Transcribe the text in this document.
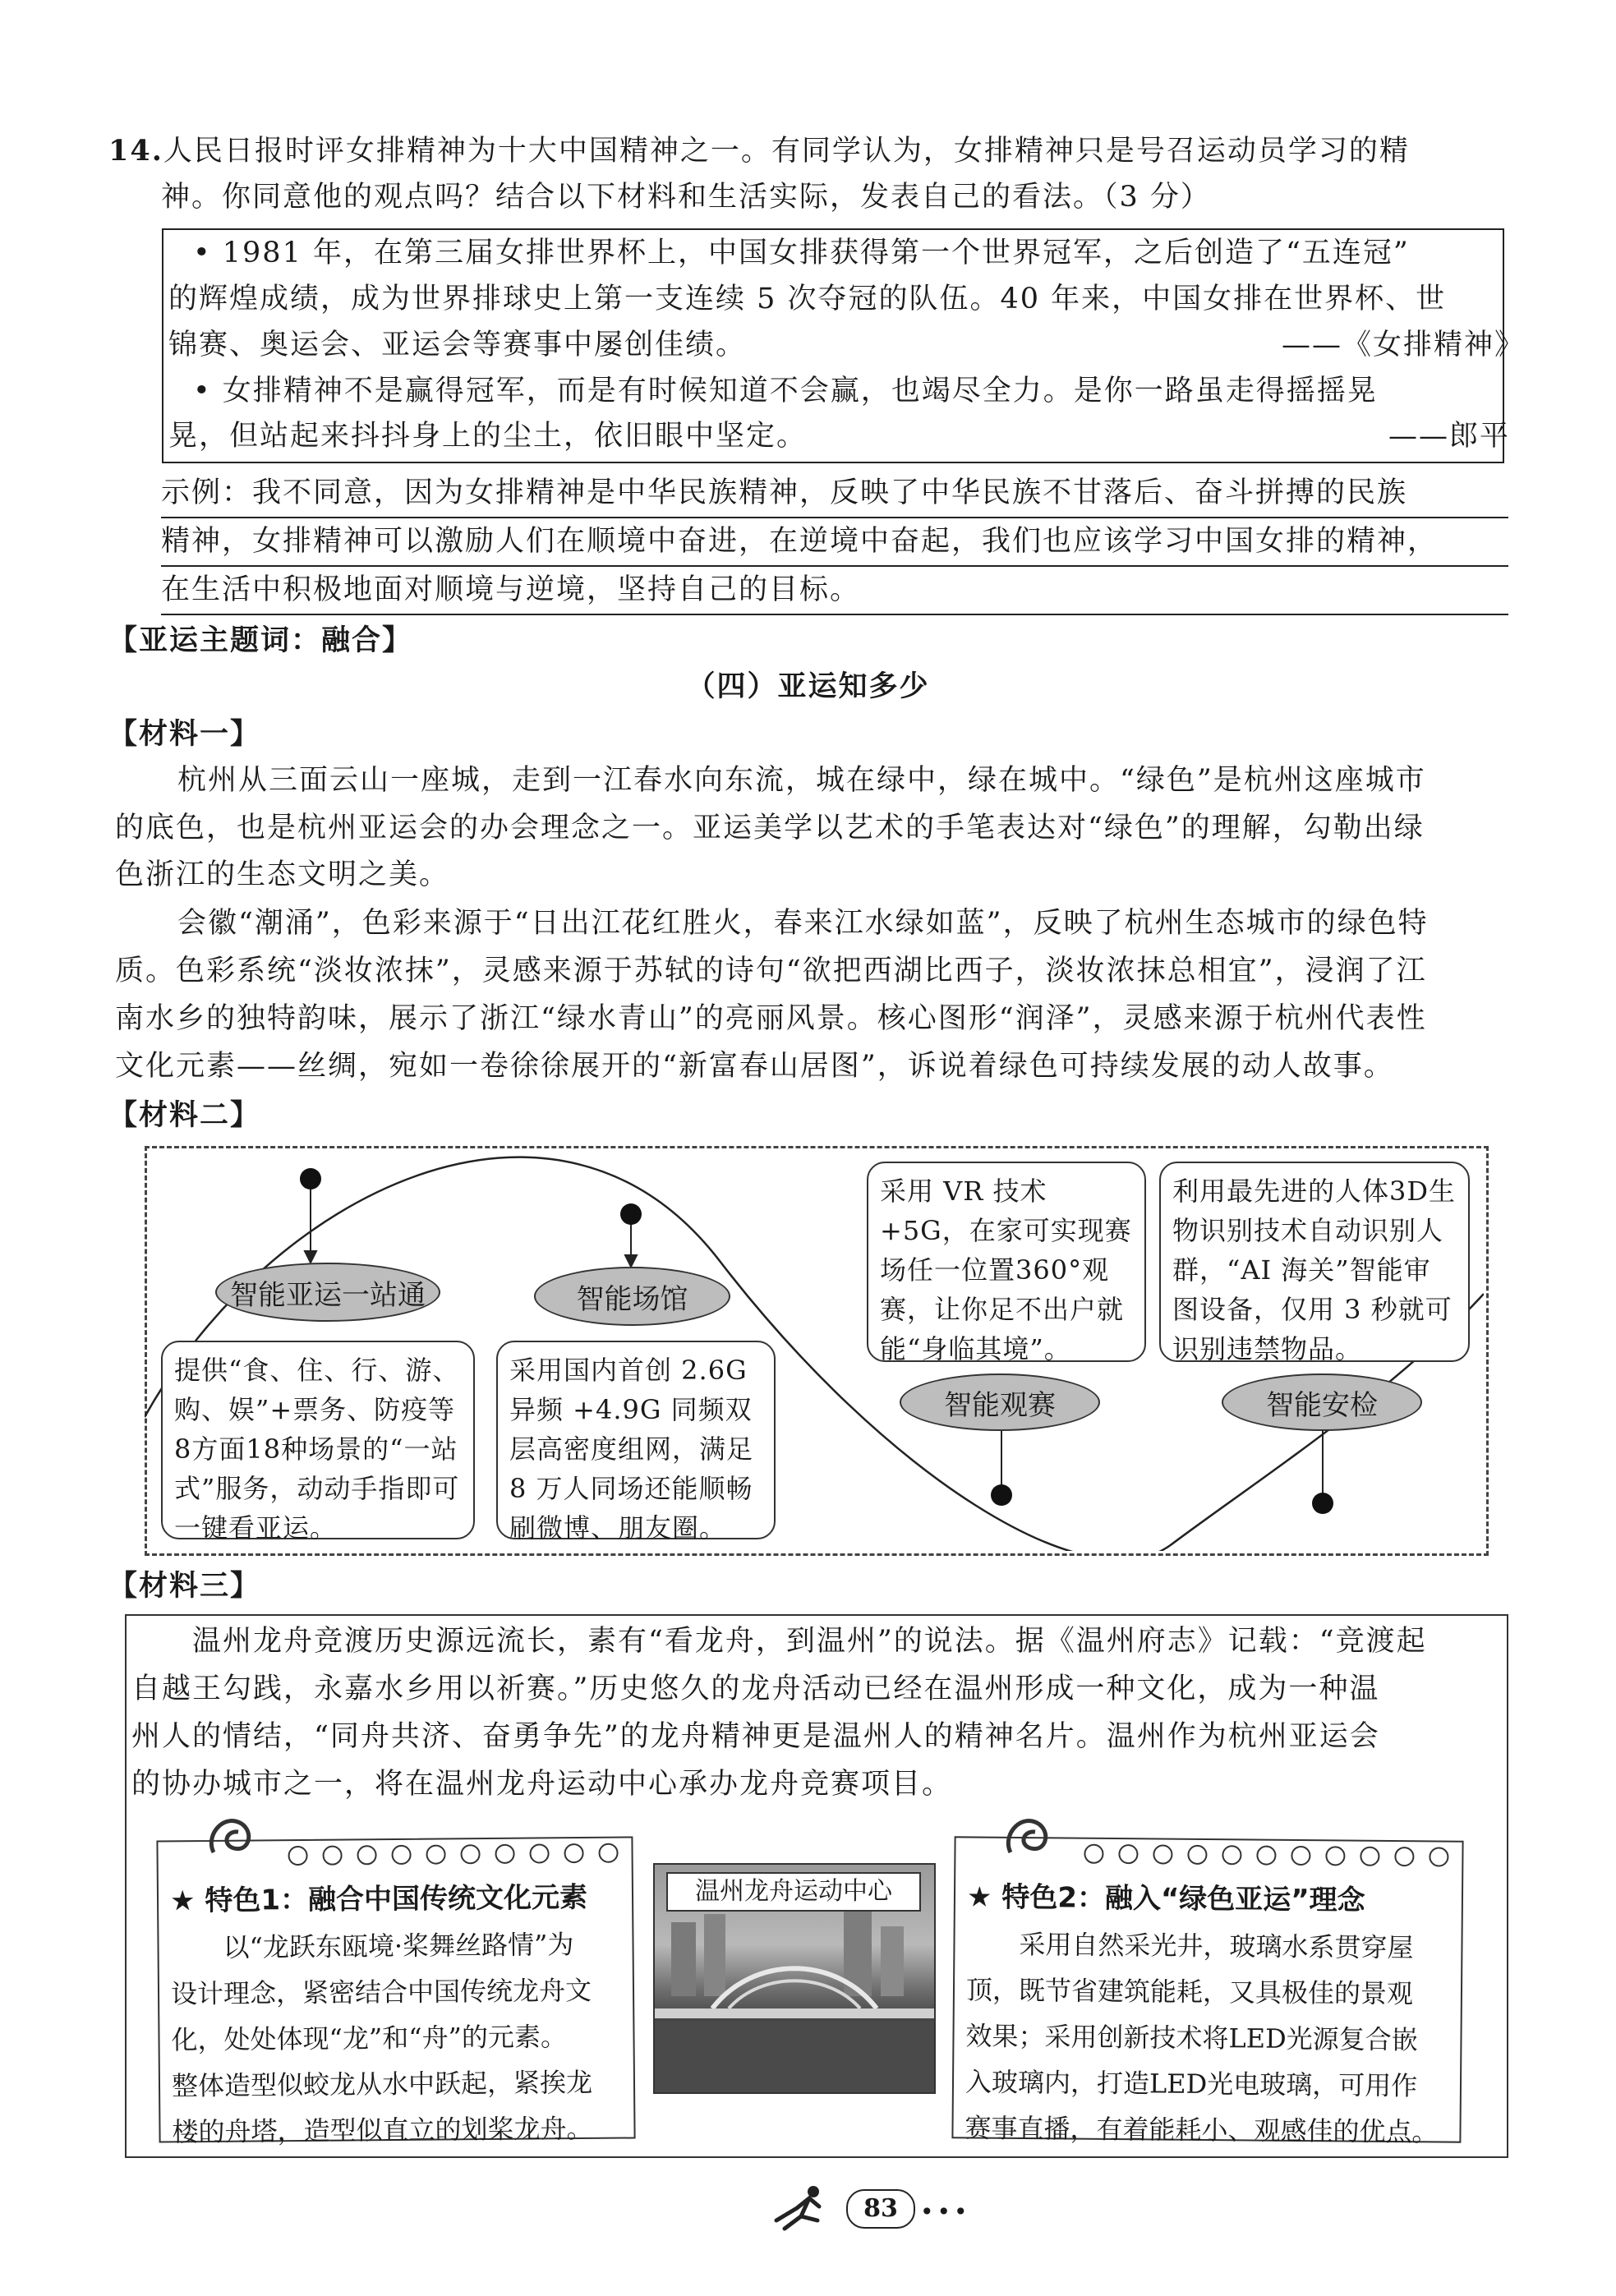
14.人民日报时评女排精神为十大中国精神之一。有同学认为，女排精神只是号召运动员学习的精
神。你同意他的观点吗？结合以下材料和生活实际，发表自己的看法。（3 分）
• 1981 年，在第三届女排世界杯上，中国女排获得第一个世界冠军，之后创造了“五连冠”
的辉煌成绩，成为世界排球史上第一支连续 5 次夺冠的队伍。40 年来，中国女排在世界杯、世
锦赛、奥运会、亚运会等赛事中屡创佳绩。	——《女排精神》
• 女排精神不是赢得冠军，而是有时候知道不会赢，也竭尽全力。是你一路虽走得摇摇晃
晃，但站起来抖抖身上的尘土，依旧眼中坚定。	——郎平
示例：我不同意，因为女排精神是中华民族精神，反映了中华民族不甘落后、奋斗拼搏的民族
精神，女排精神可以激励人们在顺境中奋进，在逆境中奋起，我们也应该学习中国女排的精神，
在生活中积极地面对顺境与逆境，坚持自己的目标。
【亚运主题词：融合】
（四）亚运知多少
【材料一】
杭州从三面云山一座城，走到一江春水向东流，城在绿中，绿在城中。“绿色”是杭州这座城市
的底色，也是杭州亚运会的办会理念之一。亚运美学以艺术的手笔表达对“绿色”的理解，勾勒出绿
色浙江的生态文明之美。
会徽“潮涌”，色彩来源于“日出江花红胜火，春来江水绿如蓝”，反映了杭州生态城市的绿色特
质。色彩系统“淡妆浓抹”，灵感来源于苏轼的诗句“欲把西湖比西子，淡妆浓抹总相宜”，浸润了江
南水乡的独特韵味，展示了浙江“绿水青山”的亮丽风景。核心图形“润泽”，灵感来源于杭州代表性
文化元素——丝绸，宛如一卷徐徐展开的“新富春山居图”，诉说着绿色可持续发展的动人故事。
【材料二】
智能亚运一站通	智能场馆
智能观赛	智能安检
提供“食、住、行、游、购、娱”+票务、防疫等8方面18种场景的“一站式”服务，动动手指即可一键看亚运。
采用国内首创 2.6G 异频 +4.9G 同频双层高密度组网，满足 8 万人同场还能顺畅刷微博、朋友圈。
采用 VR 技术 +5G，在家可实现赛场任一位置360°观赛，让你足不出户就能“身临其境”。
利用最先进的人体3D生物识别技术自动识别人群，“AI 海关”智能审图设备，仅用 3 秒就可识别违禁物品。
【材料三】
温州龙舟竞渡历史源远流长，素有“看龙舟，到温州”的说法。据《温州府志》记载：“竞渡起
自越王勾践，永嘉水乡用以祈赛。”历史悠久的龙舟活动已经在温州形成一种文化，成为一种温
州人的情结，“同舟共济、奋勇争先”的龙舟精神更是温州人的精神名片。温州作为杭州亚运会
的协办城市之一，将在温州龙舟运动中心承办龙舟竞赛项目。
★ 特色1：融合中国传统文化元素
以“龙跃东瓯境·桨舞丝路情”为
设计理念，紧密结合中国传统龙舟文
化，处处体现“龙”和“舟”的元素。
整体造型似蛟龙从水中跃起，紧挨龙
楼的舟塔，造型似直立的划桨龙舟。
温州龙舟运动中心	★ 特色2：融入“绿色亚运”理念
采用自然采光井，玻璃水系贯穿屋
顶，既节省建筑能耗，又具极佳的景观
效果；采用创新技术将LED光源复合嵌
入玻璃内，打造LED光电玻璃，可用作
赛事直播，有着能耗小、观感佳的优点。
83 •••
